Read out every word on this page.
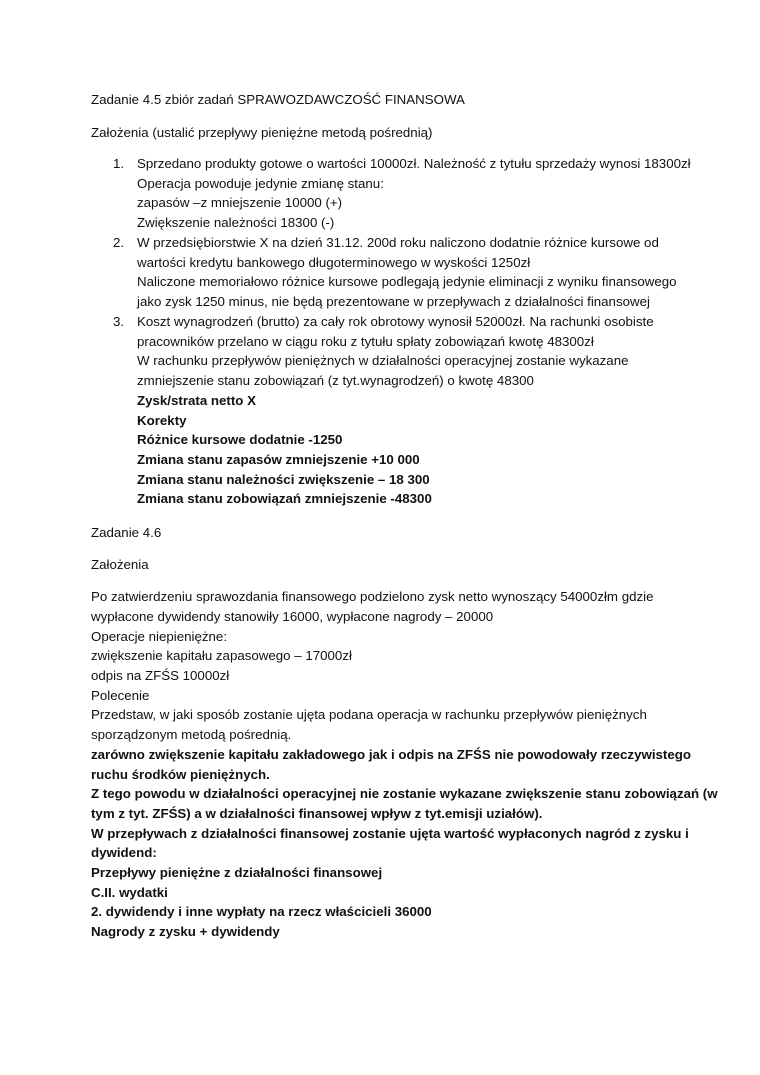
Zadanie 4.5 zbiór zadań SPRAWOZDAWCZOŚĆ FINANSOWA
Założenia (ustalić przepływy pieniężne metodą pośrednią)
1. Sprzedano produkty gotowe o wartości 10000zł. Należność z tytułu sprzedaży wynosi 18300zł
Operacja powoduje jedynie zmianę stanu:
zapasów –z mniejszenie 10000 (+)
Zwiększenie należności 18300 (-)
2. W przedsiębiorstwie X na dzień 31.12. 200d roku naliczono dodatnie różnice kursowe od
wartości kredytu bankowego długoterminowego w wyskości 1250zł
Naliczone memoriałowo różnice kursowe podlegają jedynie eliminacji z wyniku finansowego
jako zysk 1250 minus, nie będą prezentowane w przepływach z działalności finansowej
3. Koszt wynagrodzeń (brutto) za cały rok obrotowy wynosił 52000zł. Na rachunki osobiste
pracowników przelano w ciągu roku z tytułu spłaty zobowiązań kwotę 48300zł
W rachunku przepływów pieniężnych w działalności operacyjnej zostanie wykazane
zmniejszenie stanu zobowiązań (z tyt.wynagrodzeń) o kwotę 48300
Zysk/strata netto X
Korekty
Różnice kursowe dodatnie -1250
Zmiana stanu zapasów zmniejszenie +10 000
Zmiana stanu należności zwiększenie – 18 300
Zmiana stanu zobowiązań zmniejszenie -48300
Zadanie 4.6
Założenia
Po zatwierdzeniu sprawozdania finansowego podzielono zysk netto wynoszący 54000złm gdzie
wypłacone dywidendy stanowiły 16000, wypłacone nagrody – 20000
Operacje niepieniężne:
zwiększenie kapitału zapasowego – 17000zł
odpis na ZFŚS 10000zł
Polecenie
Przedstaw, w jaki sposób zostanie ujęta podana operacja w rachunku przepływów pieniężnych
sporządzonym metodą pośrednią.
zarówno zwiększenie kapitału zakładowego jak i odpis na ZFŚS nie powodowały rzeczywistego
ruchu środków pieniężnych.
Z tego powodu w działalności operacyjnej nie zostanie wykazane zwiększenie stanu zobowiązań (w
tym z tyt. ZFŚS) a w działalności finansowej wpływ z tyt.emisji uziałów).
W przepływach z działalności finansowej zostanie ujęta wartość wypłaconych nagród z zysku i
dywidend:
Przepływy pieniężne z działalności finansowej
C.II. wydatki
2. dywidendy i inne wypłaty na rzecz właścicieli 36000
Nagrody z zysku + dywidendy
